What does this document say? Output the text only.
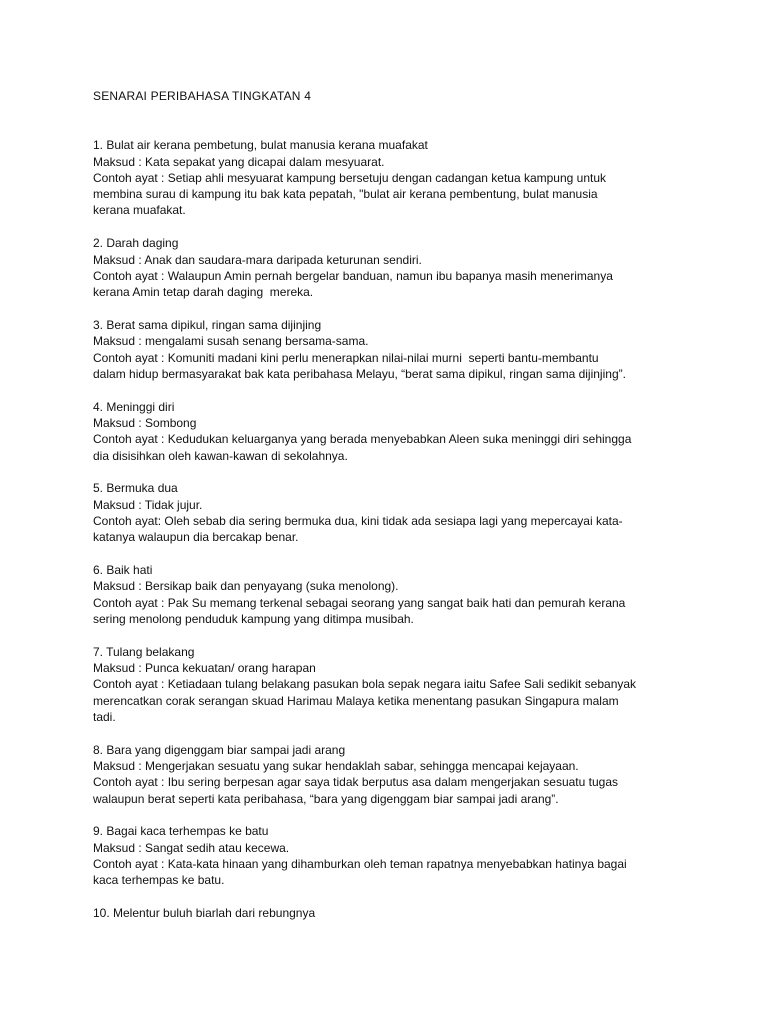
SENARAI PERIBAHASA TINGKATAN 4
1. Bulat air kerana pembetung, bulat manusia kerana muafakat
Maksud : Kata sepakat yang dicapai dalam mesyuarat.
Contoh ayat : Setiap ahli mesyuarat kampung bersetuju dengan cadangan ketua kampung untuk
membina surau di kampung itu bak kata pepatah, "bulat air kerana pembentung, bulat manusia
kerana muafakat.
2. Darah daging
Maksud : Anak dan saudara-mara daripada keturunan sendiri.
Contoh ayat : Walaupun Amin pernah bergelar banduan, namun ibu bapanya masih menerimanya
kerana Amin tetap darah daging  mereka.
3. Berat sama dipikul, ringan sama dijinjing
Maksud : mengalami susah senang bersama-sama.
Contoh ayat : Komuniti madani kini perlu menerapkan nilai-nilai murni  seperti bantu-membantu
dalam hidup bermasyarakat bak kata peribahasa Melayu, “berat sama dipikul, ringan sama dijinjing”.
4. Meninggi diri
Maksud : Sombong
Contoh ayat : Kedudukan keluarganya yang berada menyebabkan Aleen suka meninggi diri sehingga
dia disisihkan oleh kawan-kawan di sekolahnya.
5. Bermuka dua
Maksud : Tidak jujur.
Contoh ayat: Oleh sebab dia sering bermuka dua, kini tidak ada sesiapa lagi yang mepercayai kata-
katanya walaupun dia bercakap benar.
6. Baik hati
Maksud : Bersikap baik dan penyayang (suka menolong).
Contoh ayat : Pak Su memang terkenal sebagai seorang yang sangat baik hati dan pemurah kerana
sering menolong penduduk kampung yang ditimpa musibah.
7. Tulang belakang
Maksud : Punca kekuatan/ orang harapan
Contoh ayat : Ketiadaan tulang belakang pasukan bola sepak negara iaitu Safee Sali sedikit sebanyak
merencatkan corak serangan skuad Harimau Malaya ketika menentang pasukan Singapura malam
tadi.
8. Bara yang digenggam biar sampai jadi arang
Maksud : Mengerjakan sesuatu yang sukar hendaklah sabar, sehingga mencapai kejayaan.
Contoh ayat : Ibu sering berpesan agar saya tidak berputus asa dalam mengerjakan sesuatu tugas
walaupun berat seperti kata peribahasa, “bara yang digenggam biar sampai jadi arang”.
9. Bagai kaca terhempas ke batu
Maksud : Sangat sedih atau kecewa.
Contoh ayat : Kata-kata hinaan yang dihamburkan oleh teman rapatnya menyebabkan hatinya bagai
kaca terhempas ke batu.
10. Melentur buluh biarlah dari rebungnya
